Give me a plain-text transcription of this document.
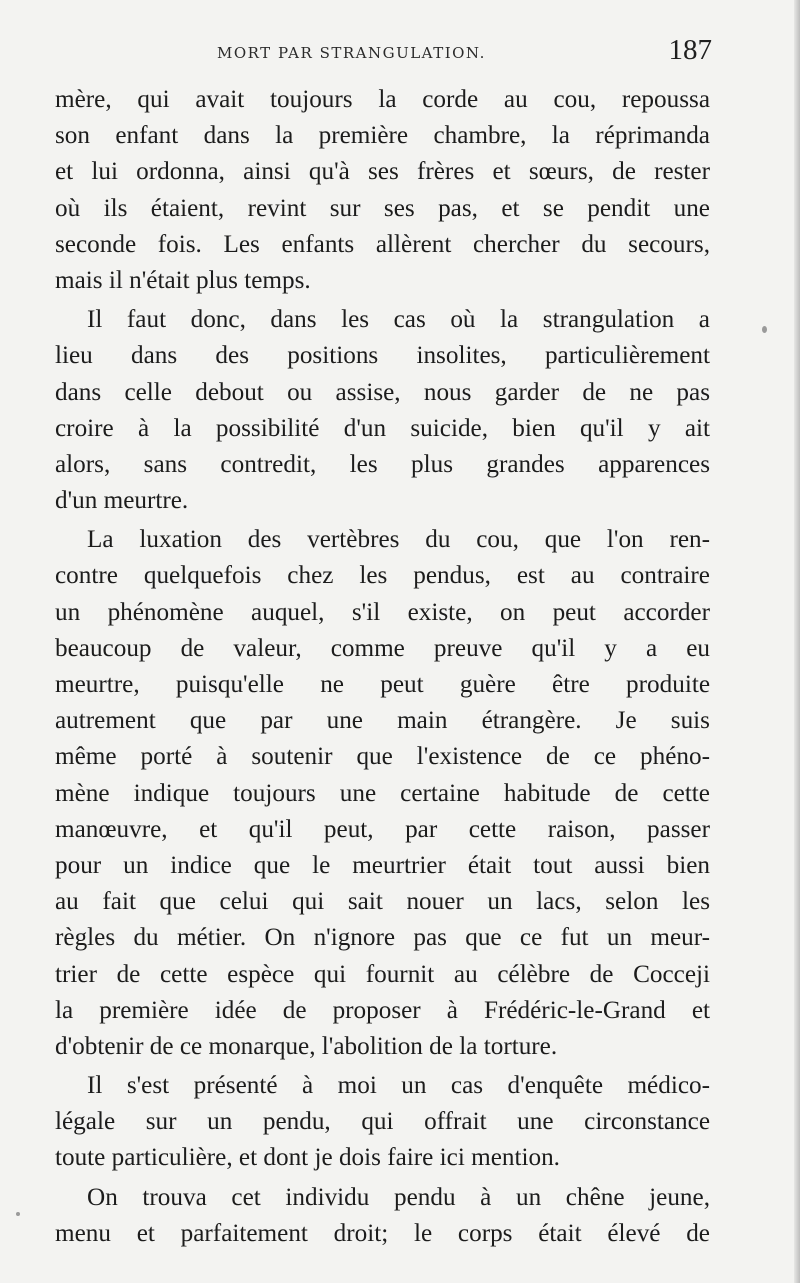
MORT PAR STRANGULATION.	187
mère, qui avait toujours la corde au cou, repoussa
son enfant dans la première chambre, la réprimanda
et lui ordonna, ainsi qu'à ses frères et sœurs, de rester
où ils étaient, revint sur ses pas, et se pendit une
seconde fois. Les enfants allèrent chercher du secours,
mais il n'était plus temps.
Il faut donc, dans les cas où la strangulation a
lieu dans des positions insolites, particulièrement
dans celle debout ou assise, nous garder de ne pas
croire à la possibilité d'un suicide, bien qu'il y ait
alors, sans contredit, les plus grandes apparences
d'un meurtre.
La luxation des vertèbres du cou, que l'on ren-
contre quelquefois chez les pendus, est au contraire
un phénomène auquel, s'il existe, on peut accorder
beaucoup de valeur, comme preuve qu'il y a eu
meurtre, puisqu'elle ne peut guère être produite
autrement que par une main étrangère. Je suis
même porté à soutenir que l'existence de ce phéno-
mène indique toujours une certaine habitude de cette
manœuvre, et qu'il peut, par cette raison, passer
pour un indice que le meurtrier était tout aussi bien
au fait que celui qui sait nouer un lacs, selon les
règles du métier. On n'ignore pas que ce fut un meur-
trier de cette espèce qui fournit au célèbre de Cocceji
la première idée de proposer à Frédéric-le-Grand et
d'obtenir de ce monarque, l'abolition de la torture.
Il s'est présenté à moi un cas d'enquête médico-
légale sur un pendu, qui offrait une circonstance
toute particulière, et dont je dois faire ici mention.
On trouva cet individu pendu à un chêne jeune,
menu et parfaitement droit; le corps était élevé de
